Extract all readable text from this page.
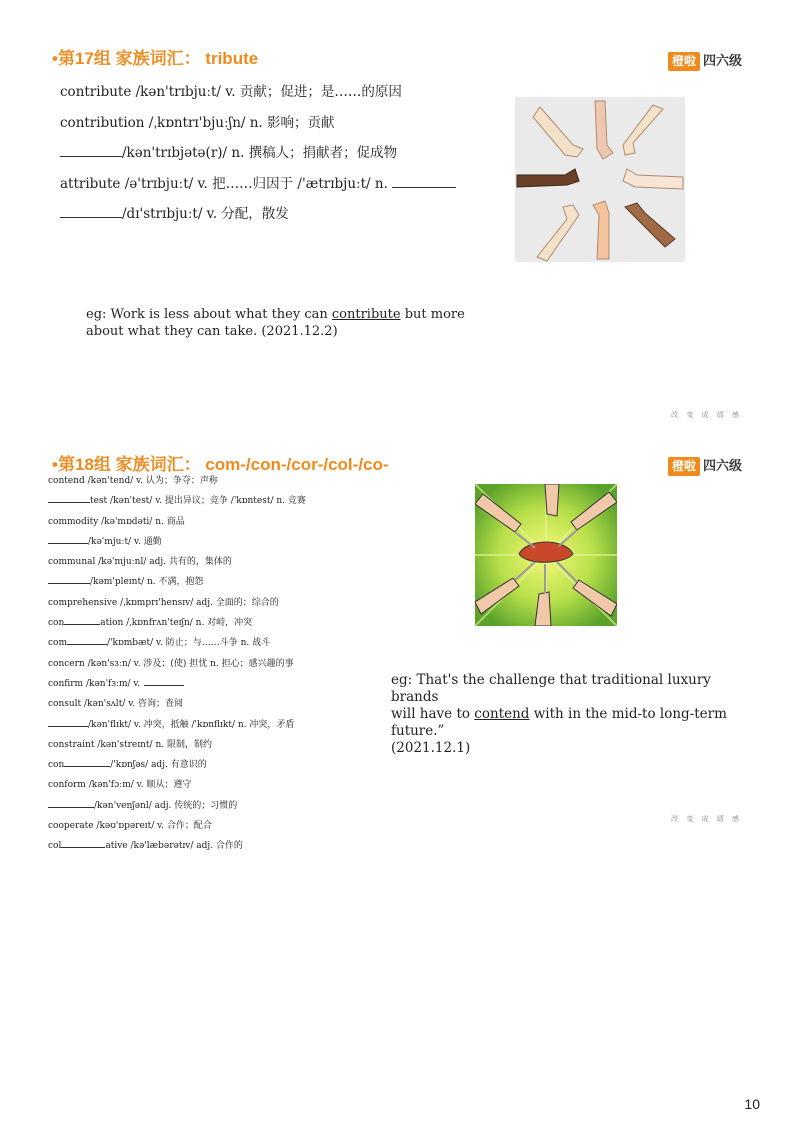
•第17组 家族词汇： tribute	橙啦 四六级
contribute /kən'trɪbjuːt/ v. 贡献；促进；是……的原因
contribution /ˌkɒntrɪ'bjuːʃn/ n. 影响；贡献
/kən'trɪbjətə(r)/ n. 撰稿人；捐献者；促成物
attribute /ə'trɪbjuːt/ v. 把……归因于 /'ætrɪbjuːt/ n.
/dɪ'strɪbjuːt/ v. 分配，散发
eg: Work is less about what they can contribute but more
about what they can take. (2021.12.2)
改 变 成 绩 感
•第18组 家族词汇： com-/con-/cor-/col-/co-	橙啦 四六级
contend /kən'tend/ v. 认为；争夺；声称
test /kən'test/ v. 提出异议；竞争 /'kɒntest/ n. 竞赛
commodity /kə'mɒdəti/ n. 商品
/kə'mjuːt/ v. 通勤
communal /kə'mjuːnl/ adj. 共有的，集体的
/kəm'pleɪnt/ n. 不满，抱怨
comprehensive /ˌkɒmprɪ'hensɪv/ adj. 全面的；综合的
con	ation /ˌkɒnfrʌn'teɪʃn/ n. 对峙，冲突
com	/'kɒmbæt/ v. 防止；与……斗争 n. 战斗
concern /kən'sɜːn/ v. 涉及；(使) 担忧 n. 担心；感兴趣的事
confirm /kən'fɜːm/ v.
consult /kən'sʌlt/ v. 咨询；查阅
/kən'flɪkt/ v. 冲突，抵触 /'kɒnflɪkt/ n. 冲突，矛盾
constraint /kən'streɪnt/ n. 限制，制约
con	/'kɒnʃəs/ adj. 有意识的
conform /kən'fɔːm/ v. 顺从；遵守
/kən'venʃənl/ adj. 传统的；习惯的
cooperate /kəʊ'ɒpəreɪt/ v. 合作；配合
col	ative /kə'læbərətɪv/ adj. 合作的
eg: That's the challenge that traditional luxury brands
will have to contend with in the mid-to long-term future.”
(2021.12.1)
改 变 成 绩 感
10
